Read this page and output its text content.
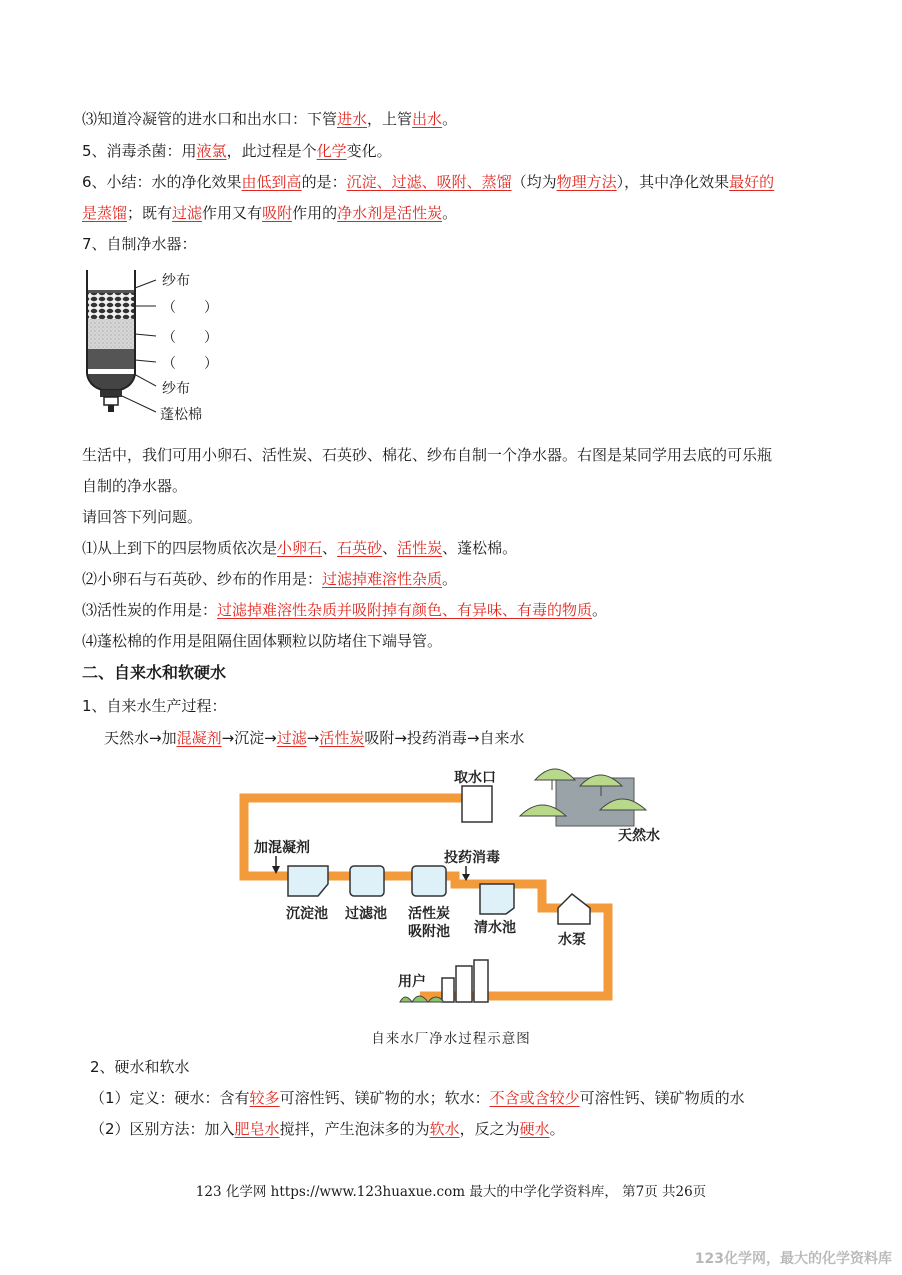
⑶知道冷凝管的进水口和出水口：下管进水，上管出水。
5、消毒杀菌：用液氯，此过程是个化学变化。
6、小结：水的净化效果由低到高的是：沉淀、过滤、吸附、蒸馏（均为物理方法），其中净化效果最好的
是蒸馏；既有过滤作用又有吸附作用的净水剂是活性炭。
7、自制净水器：
纱布
（　　）
（　　）
（　　）
纱布
蓬松棉
生活中，我们可用小卵石、活性炭、石英砂、棉花、纱布自制一个净水器。右图是某同学用去底的可乐瓶
自制的净水器。
请回答下列问题。
⑴从上到下的四层物质依次是小卵石、石英砂、活性炭、蓬松棉。
⑵小卵石与石英砂、纱布的作用是：过滤掉难溶性杂质。
⑶活性炭的作用是：过滤掉难溶性杂质并吸附掉有颜色、有异味、有毒的物质。
⑷蓬松棉的作用是阻隔住固体颗粒以防堵住下端导管。
二、自来水和软硬水
1、自来水生产过程：
天然水→加混凝剂→沉淀→过滤→活性炭吸附→投药消毒→自来水
取水口
天然水
加混凝剂
沉淀池 过滤池 活性炭
吸附池
投药消毒
清水池
水泵
用户
自来水厂净水过程示意图
2、硬水和软水
（1）定义：硬水：含有较多可溶性钙、镁矿物的水；软水：不含或含较少可溶性钙、镁矿物质的水
（2）区别方法：加入肥皂水搅拌，产生泡沫多的为软水，反之为硬水。
123 化学网 https://www.123huaxue.com 最大的中学化学资料库， 第7页 共26页
123化学网，最大的化学资料库
